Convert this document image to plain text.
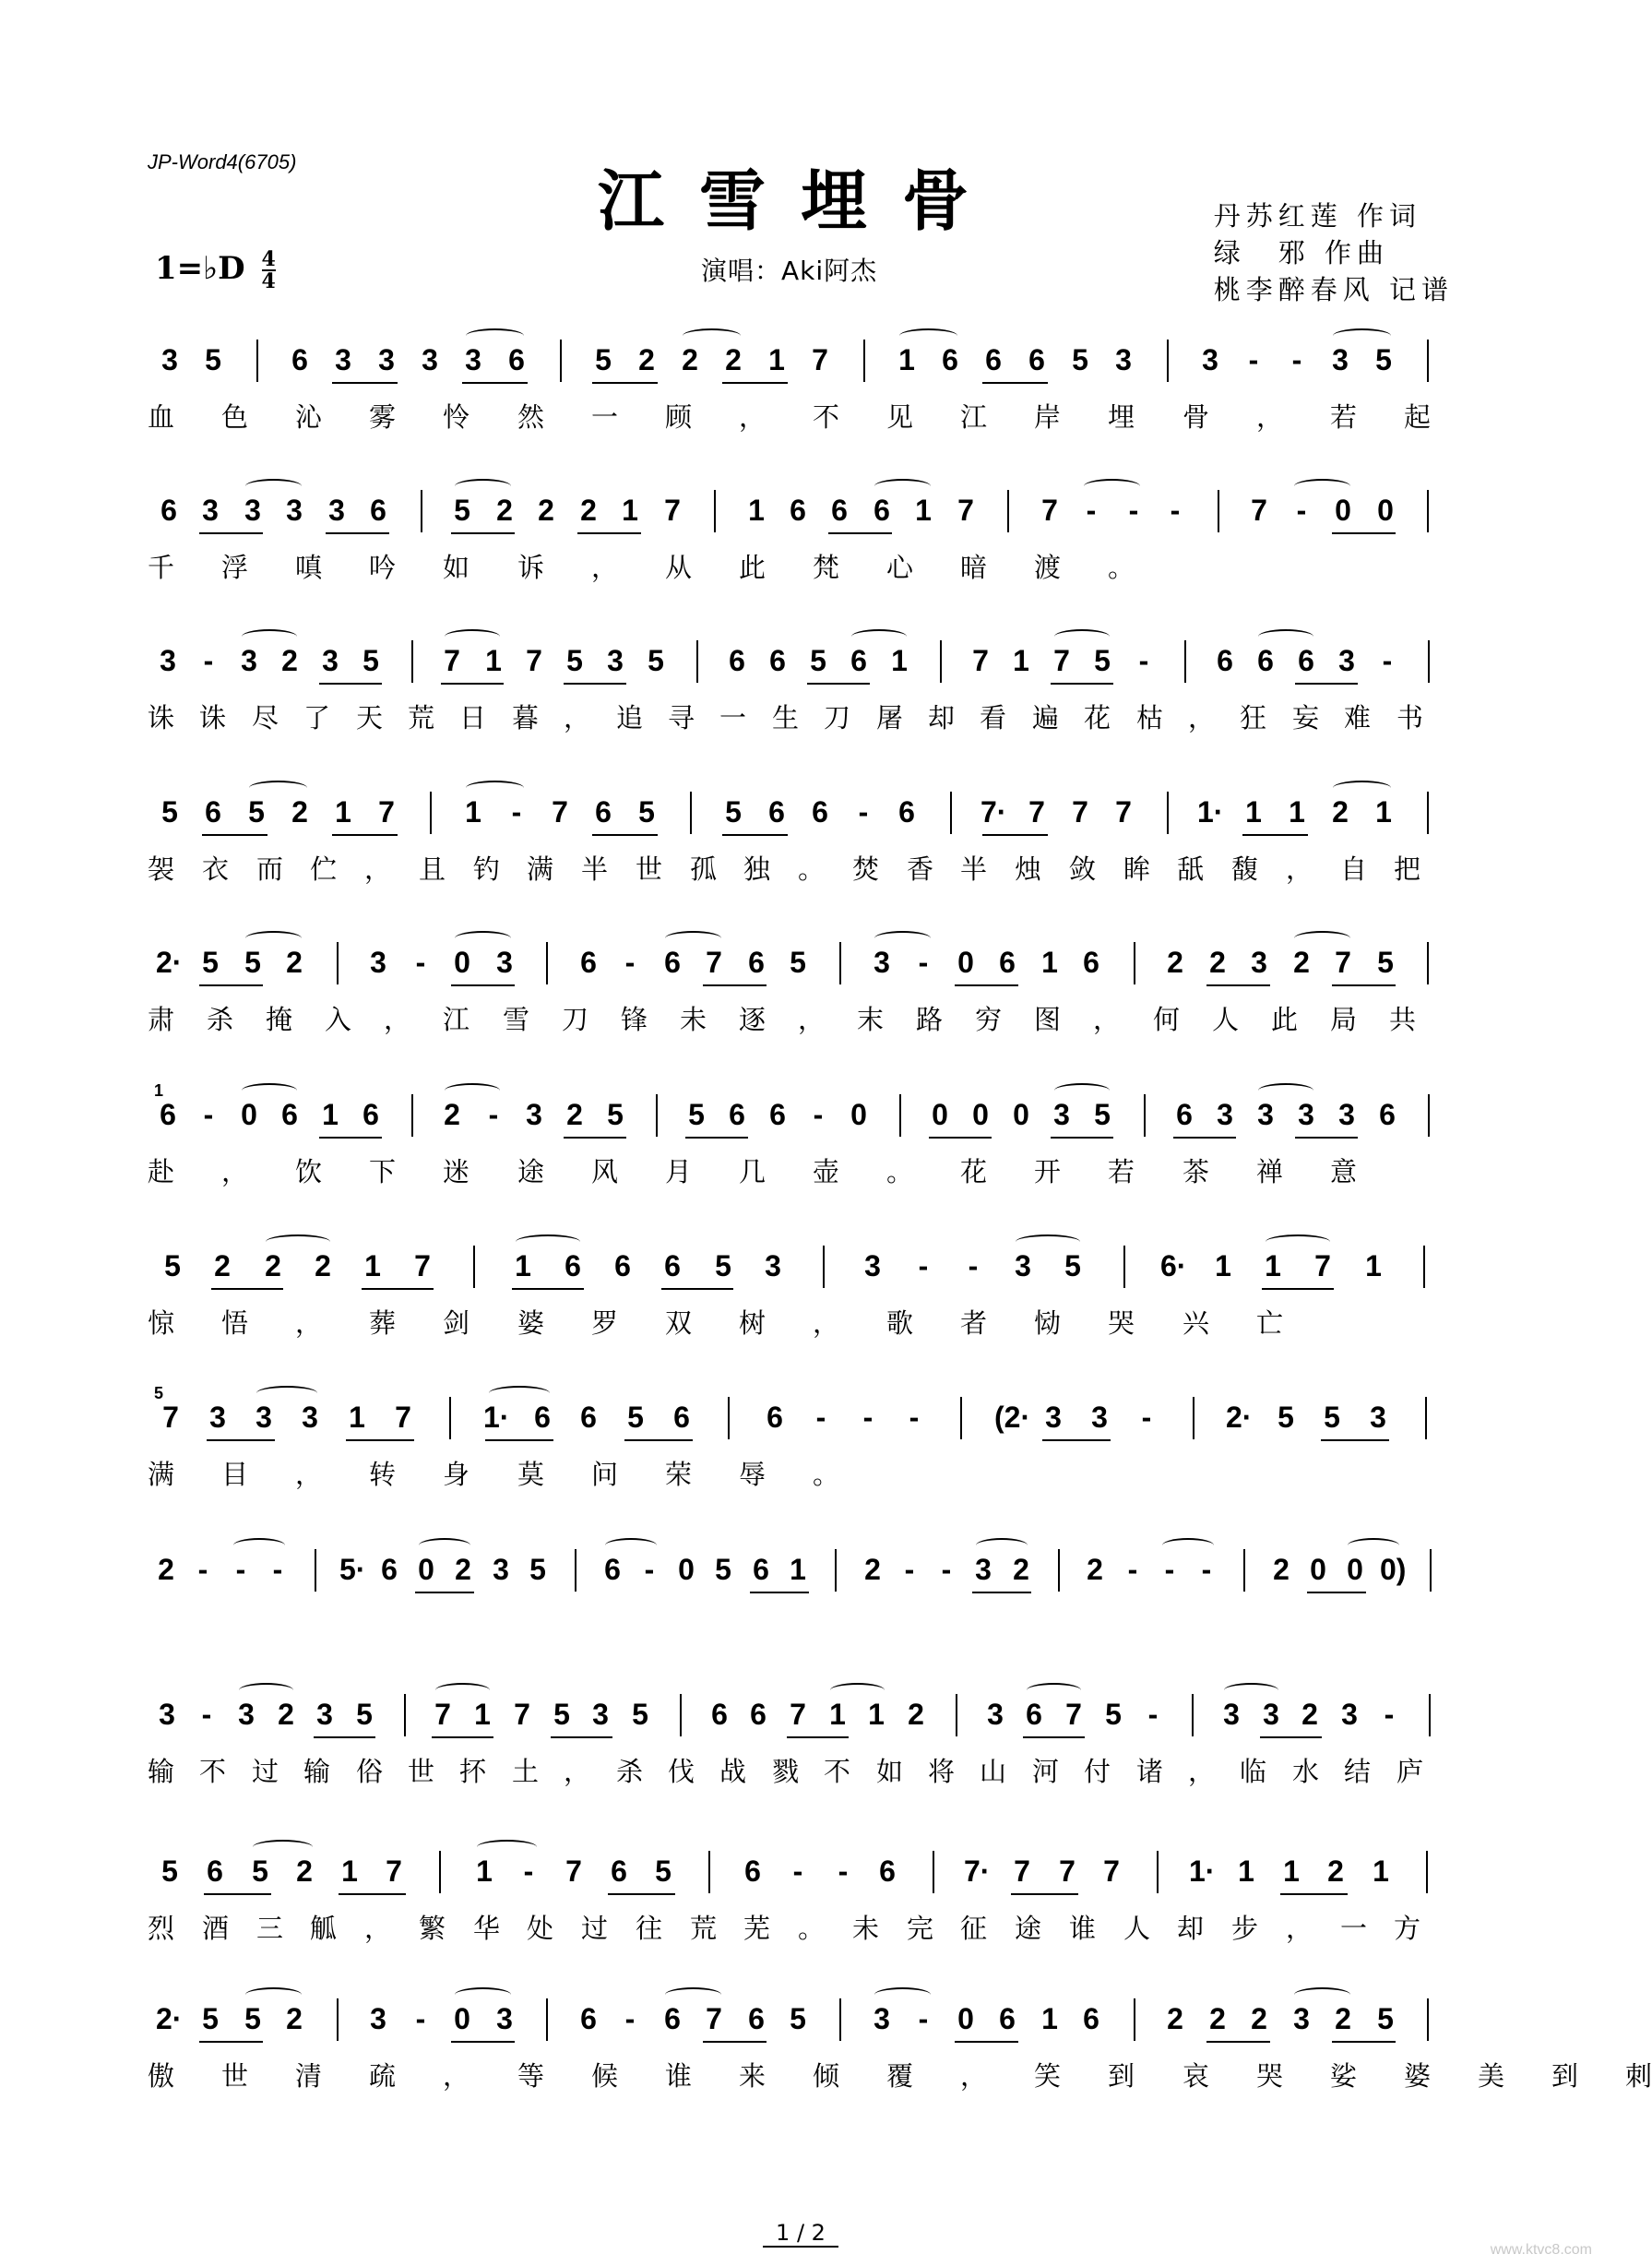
JP-Word4(6705)	江雪埋骨	丹苏红莲 作词
绿　邪 作曲
桃李醉春风 记谱
1=♭D $\frac{4}{4}$	演唱：Aki阿杰
3 5 6 3 3 3 3 6 5 2 2 2 1 7 1 6 6 6 5 3 3 - - 3 5
血 色 沁 雾 怜 然 一 顾 ， 不 见 江 岸 埋 骨 ， 若 起
6 3 3 3 3 6 5 2 2 2 1 7 1 6 6 6 1 7 7 - - - 7 - 0 0
千 浮 嗔 吟 如 诉 ， 从 此 梵 心 暗 渡 。
3 - 3 2 3 5 7 1 7 5 3 5 6 6 5 6 1 7 1 7 5 - 6 6 6 3 -
诛 诛 尽 了 天 荒 日 暮 ， 追 寻 一 生 刀 屠 却 看 遍 花 枯 ， 狂 妄 难 书
5 6 5 2 1 7 1 - 7 6 5 5 6 6 - 6 7· 7 7 7 1· 1 1 2 1
袈 衣 而 伫 ， 且 钓 满 半 世 孤 独 。 焚 香 半 烛 敛 眸 舐 馥 ， 自 把
2· 5 5 2 3 - 0 3 6 - 6 7 6 5 3 - 0 6 1 6 2 2 3 2 7 5
肃 杀 掩 入 ， 江 雪 刀 锋 未 逐 ， 末 路 穷 图 ， 何 人 此 局 共
6 - 0 6 1 6 2 - 3 2 5 5 6 6 - 0 0 0 0 3 5 6 3 3 3 3 6
1
赴 ， 饮 下 迷 途 风 月 几 壶 。 花 开 若 茶 禅 意
5 2 2 2 1 7	1 6 6 6 5 3	3 - - 3 5	6· 1 1 7 1
惊 悟 ， 葬 剑 婆 罗 双 树 ， 歌 者 恸 哭 兴 亡
7 3 3 3 1 7 1· 6 6 5 6	6 - - -	(2· 3 3 -	2· 5 5 3
5
满 目 ， 转 身 莫 问 荣 辱 。
2 - - - 5· 6 0 2 3 5 6 - 0 5 6 1 2 - - 3 2 2 - - - 2 0 0 0)
3 - 3 2 3 5 7 1 7 5 3 5 6 6 7 1 1 2 3 6 7 5 - 3 3 2 3 -
输 不 过 输 俗 世 抔 土 ， 杀 伐 战 戮 不 如 将 山 河 付 诸 ， 临 水 结 庐
5 6 5 2 1 7	1 - 7 6 5 6 - - 6 7· 7 7 7 1· 1 1 2 1
烈 酒 三 觚 ， 繁 华 处 过 往 荒 芜 。 未 完 征 途 谁 人 却 步 ， 一 方
2· 5 5 2 3 - 0 3 6 - 6 7 6 5 3 - 0 6 1 6 2 2 2 3 2 5
傲 世 清 疏 ， 等 候 谁 来 倾 覆 ， 笑 到 哀 哭 娑 婆 美 到 刺
1 / 2
www.ktvc8.com
